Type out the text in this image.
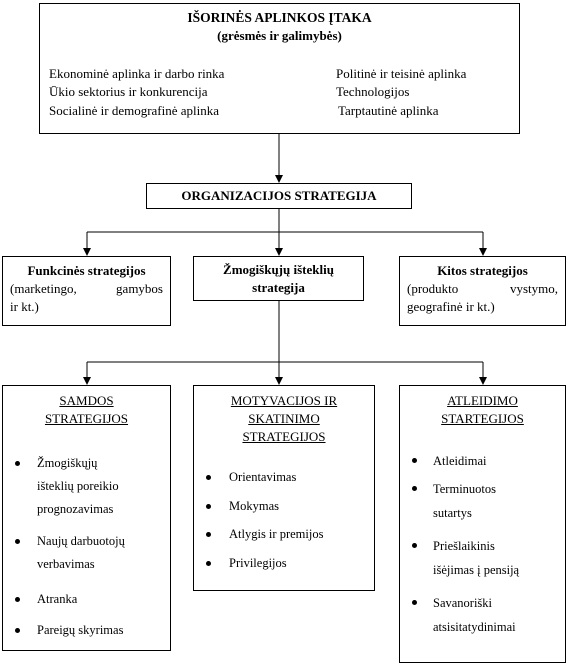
IŠORINĖS APLINKOS ĮTAKA
(grėsmės ir galimybės)
Ekonominė aplinka ir darbo rinka
Ūkio sektorius ir konkurencija
Socialinė ir demografinė aplinka
Politinė ir teisinė aplinka
Technologijos
Tarptautinė aplinka
ORGANIZACIJOS STRATEGIJA
Funkcinės strategijos
(marketingo, gamybos
ir kt.)
Žmogiškųjų išteklių
strategija
Kitos strategijos
(produkto vystymo,
geografinė ir kt.)
SAMDOS
STRATEGIJOS
Žmogiškųjų
išteklių poreikio
prognozavimas
Naujų darbuotojų
verbavimas
Atranka
Pareigų skyrimas
MOTYVACIJOS IR
SKATINIMO
STRATEGIJOS
Orientavimas
Mokymas
Atlygis ir premijos
Privilegijos
ATLEIDIMO
STARTEGIJOS
Atleidimai
Terminuotos
sutartys
Priešlaikinis
išėjimas į pensiją
Savanoriški
atsisitatydinimai
